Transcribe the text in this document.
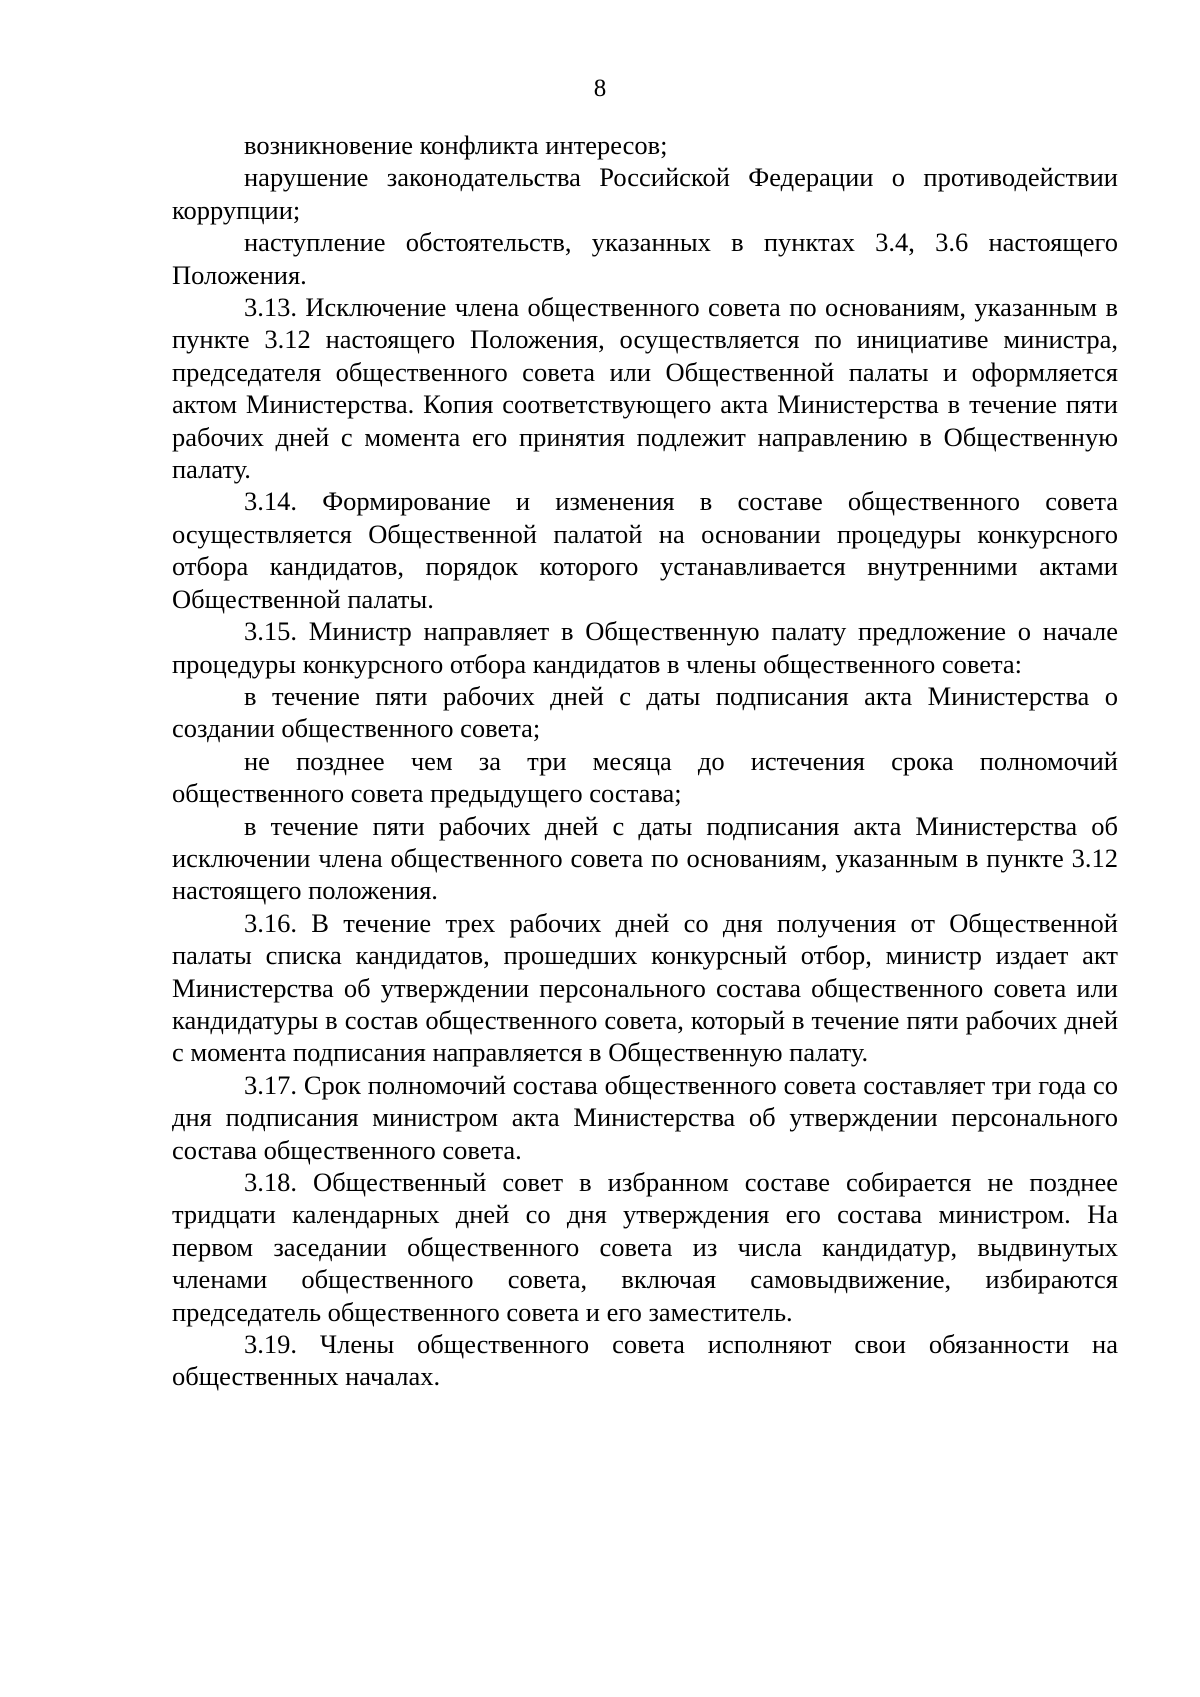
8

возникновение конфликта интересов;

нарушение законодательства Российской Федерации о противодействии коррупции;

наступление обстоятельств, указанных в пунктах 3.4, 3.6 настоящего Положения.

3.13. Исключение члена общественного совета по основаниям, указанным в пункте 3.12 настоящего Положения, осуществляется по инициативе министра, председателя общественного совета или Общественной палаты и оформляется актом Министерства. Копия соответствующего акта Министерства в течение пяти рабочих дней с момента его принятия подлежит направлению в Общественную палату.

3.14. Формирование и изменения в составе общественного совета осуществляется Общественной палатой на основании процедуры конкурсного отбора кандидатов, порядок которого устанавливается внутренними актами Общественной палаты.

3.15. Министр направляет в Общественную палату предложение о начале процедуры конкурсного отбора кандидатов в члены общественного совета:

в течение пяти рабочих дней с даты подписания акта Министерства о создании общественного совета;

не позднее чем за три месяца до истечения срока полномочий общественного совета предыдущего состава;

в течение пяти рабочих дней с даты подписания акта Министерства об исключении члена общественного совета по основаниям, указанным в пункте 3.12 настоящего положения.

3.16. В течение трех рабочих дней со дня получения от Общественной палаты списка кандидатов, прошедших конкурсный отбор, министр издает акт Министерства об утверждении персонального состава общественного совета или кандидатуры в состав общественного совета, который в течение пяти рабочих дней с момента подписания направляется в Общественную палату.

3.17. Срок полномочий состава общественного совета составляет три года со дня подписания министром акта Министерства об утверждении персонального состава общественного совета.

3.18. Общественный совет в избранном составе собирается не позднее тридцати календарных дней со дня утверждения его состава министром. На первом заседании общественного совета из числа кандидатур, выдвинутых членами общественного совета, включая самовыдвижение, избираются председатель общественного совета и его заместитель.

3.19. Члены общественного совета исполняют свои обязанности на общественных началах.
